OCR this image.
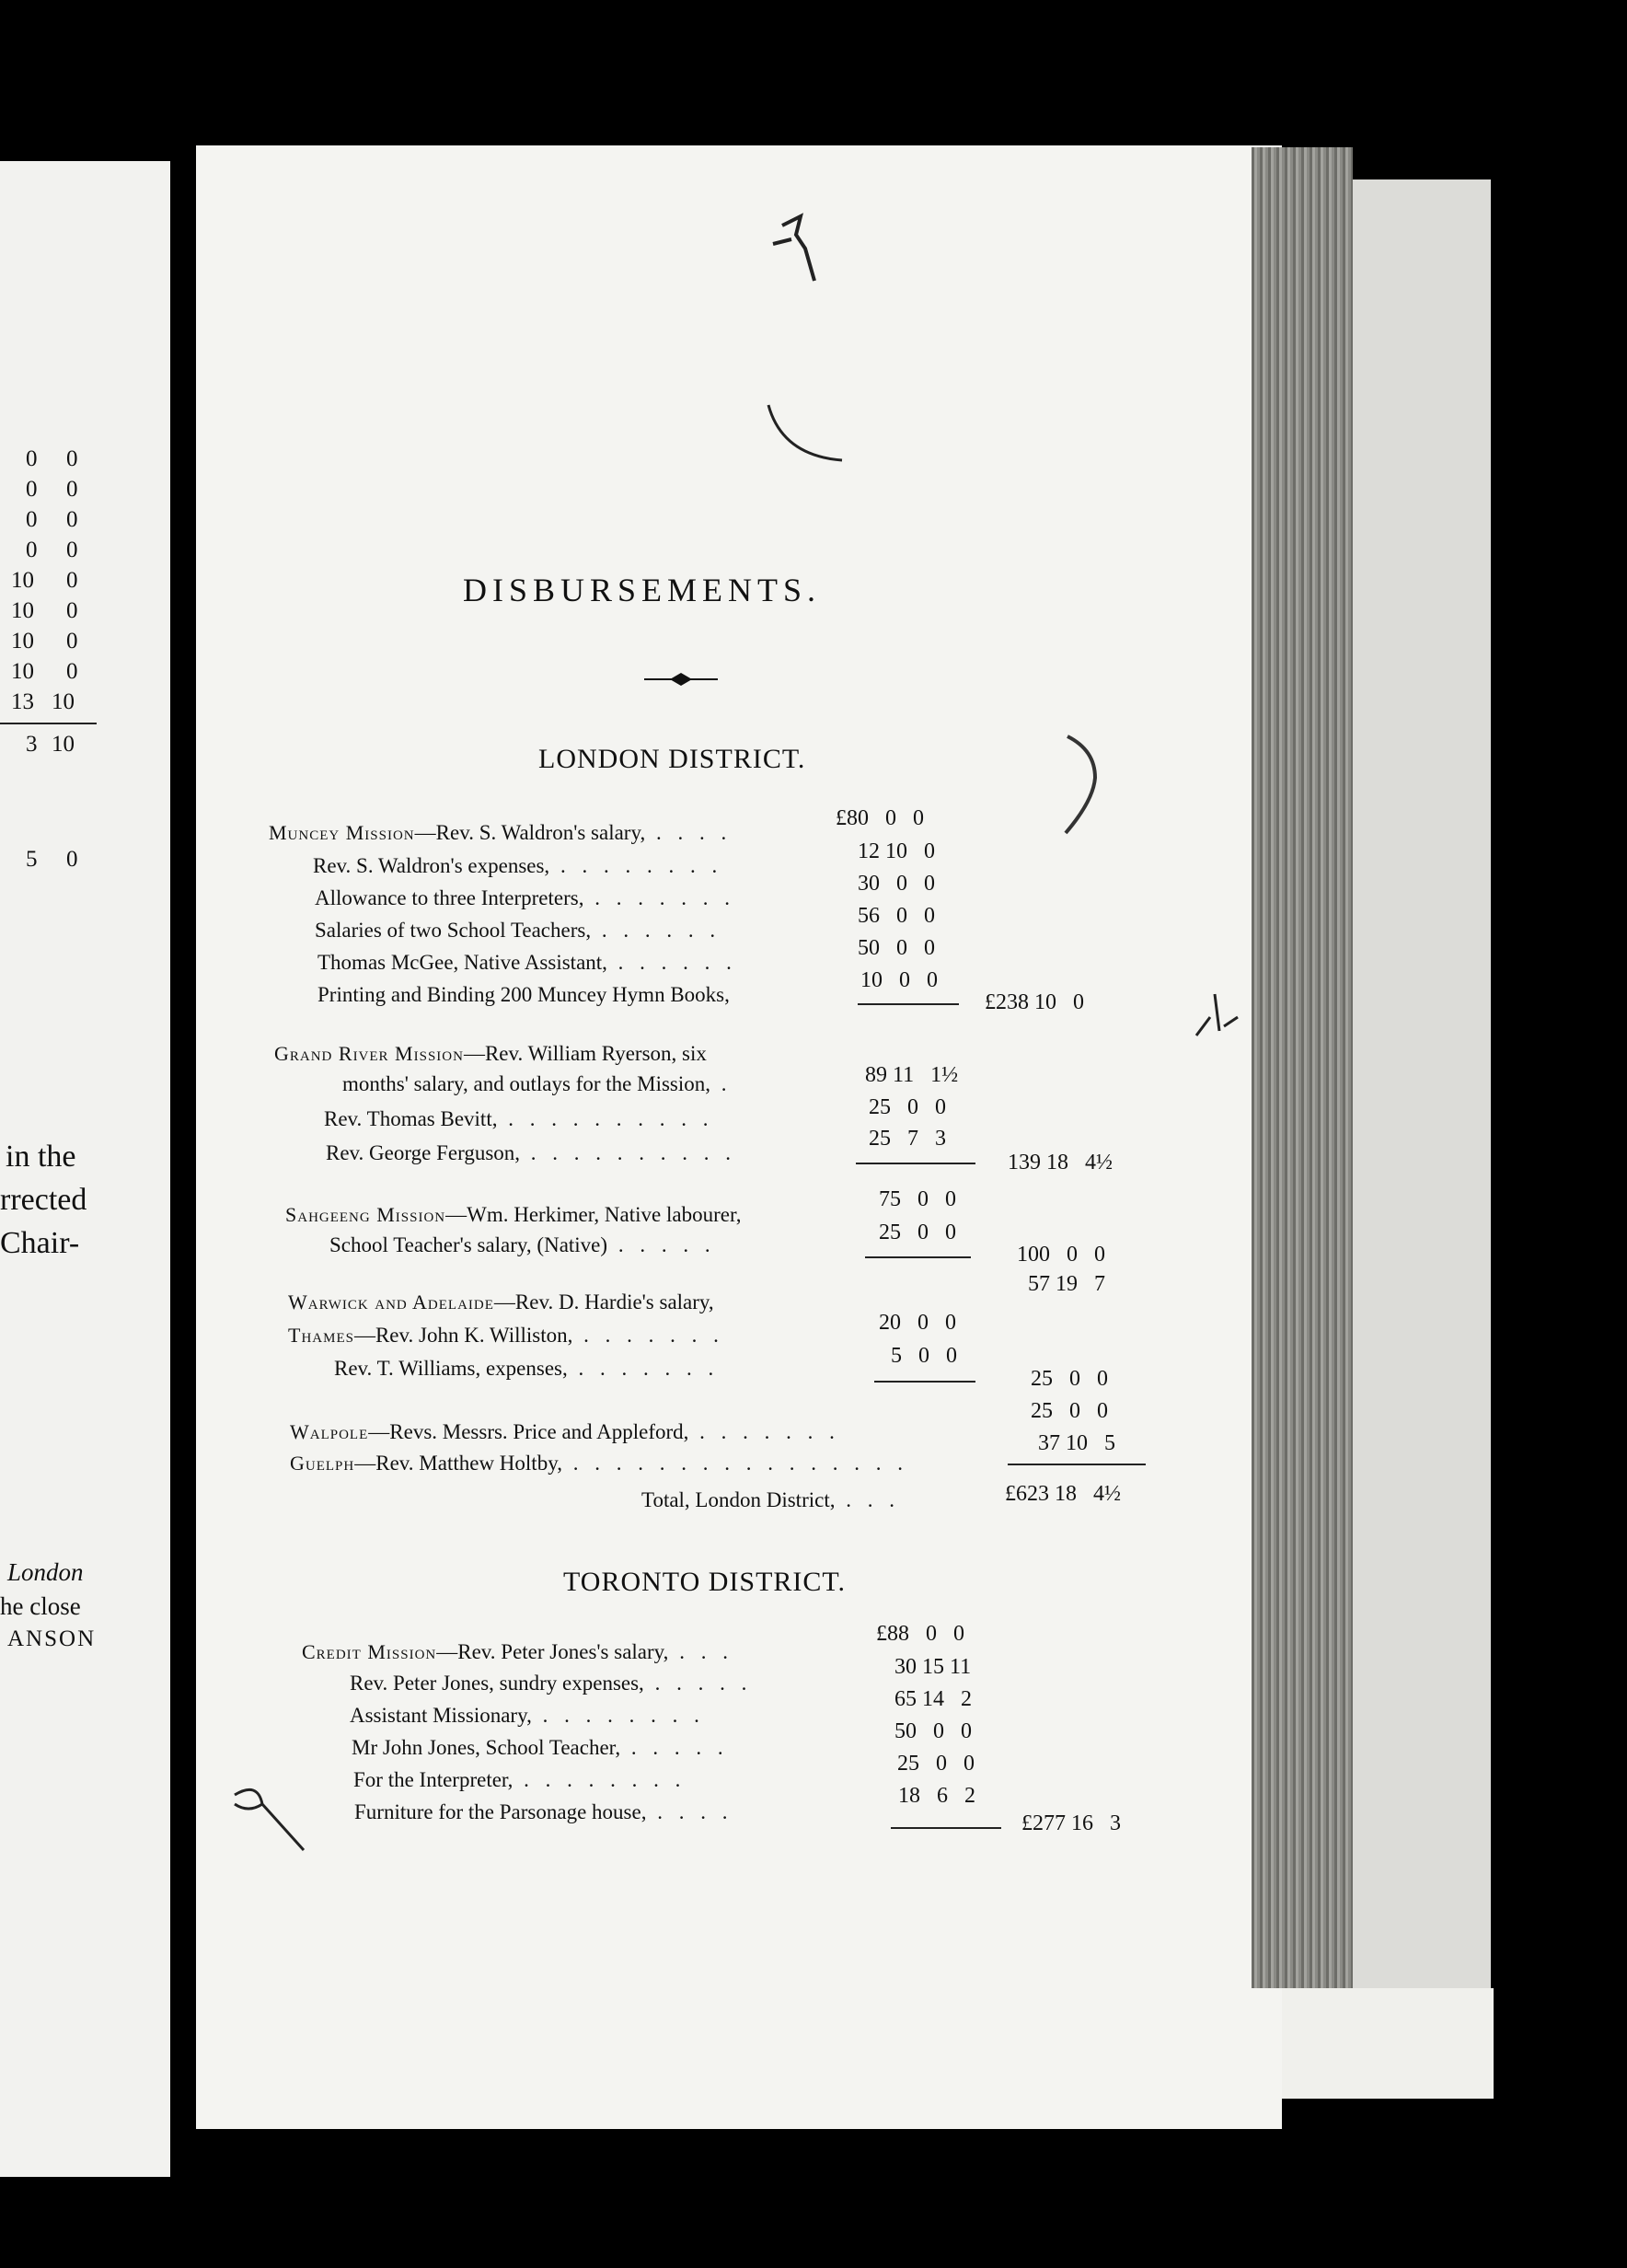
0 0
0 0
0 0
0 0
10 0
10 0
10 0
10 0
13 10
3 10
5 0
in the
rrected
Chair-
London
he close
ANSON
DISBURSEMENTS.
LONDON DISTRICT.
Muncey Mission—Rev. S. Waldron's salary, . . . .
Rev. S. Waldron's expenses, . . . . . . . .
Allowance to three Interpreters, . . . . . . .
Salaries of two School Teachers, . . . . . .
Thomas McGee, Native Assistant, . . . . . .
Printing and Binding 200 Muncey Hymn Books,
£80   0   0
12 10   0
30   0   0
56   0   0
50   0   0
10   0   0
£238 10   0
Grand River Mission—Rev. William Ryerson, six
months' salary, and outlays for the Mission, .
Rev. Thomas Bevitt, . . . . . . . . . .
Rev. George Ferguson, . . . . . . . . . .
89 11   1½
25   0   0
25   7   3
139 18   4½
Sahgeeng Mission—Wm. Herkimer, Native labourer,
School Teacher's salary, (Native) . . . . .
75   0   0
25   0   0
100   0   0
Warwick and Adelaide—Rev. D. Hardie's salary,
57 19   7
Thames—Rev. John K. Williston, . . . . . . .
Rev. T. Williams, expenses, . . . . . . .
20   0   0
5   0   0
25   0   0
Walpole—Revs. Messrs. Price and Appleford, . . . . . . .
25   0   0
Guelph—Rev. Matthew Holtby, . . . . . . . . . . . . . . . .
37 10   5
Total, London District, . . .	£623 18   4½
TORONTO DISTRICT.
Credit Mission—Rev. Peter Jones's salary, . . .
Rev. Peter Jones, sundry expenses, . . . . .
Assistant Missionary, . . . . . . . .
Mr John Jones, School Teacher, . . . . .
For the Interpreter, . . . . . . . .
Furniture for the Parsonage house, . . . .
£88   0   0
30 15 11
65 14   2
50   0   0
25   0   0
18   6   2
£277 16   3
